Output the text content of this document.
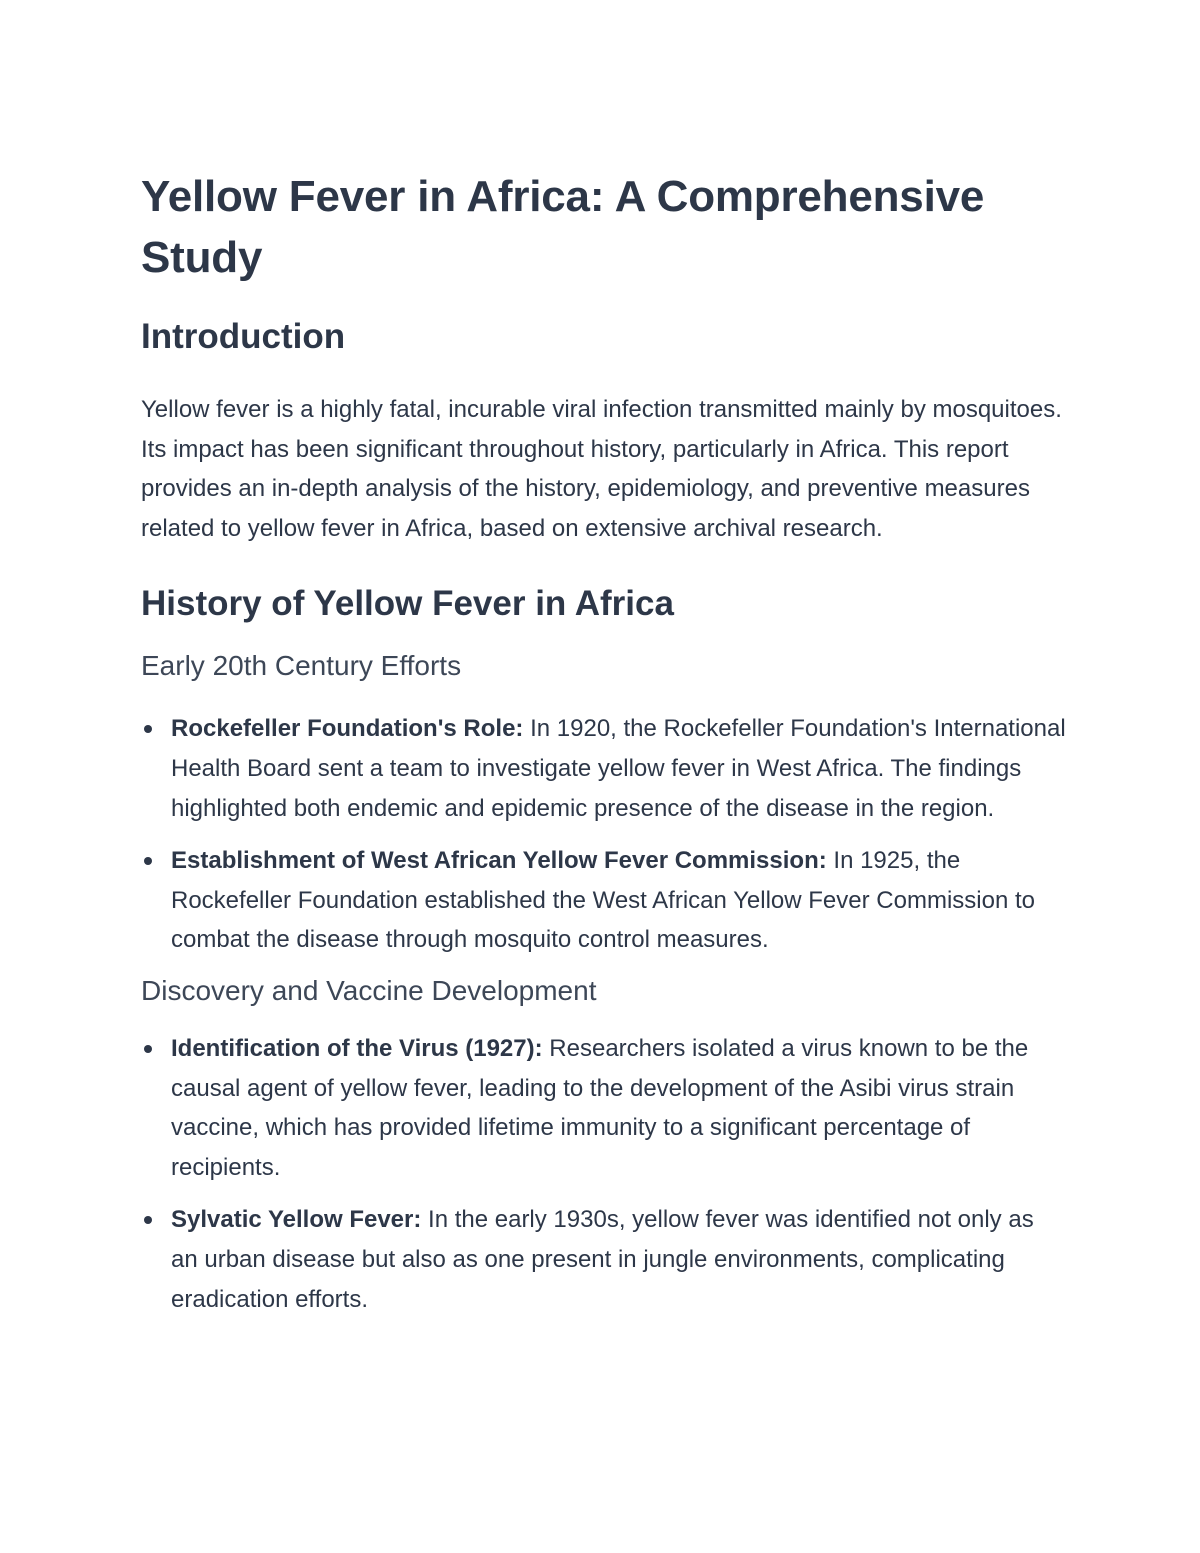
Yellow Fever in Africa: A Comprehensive Study
Introduction

Yellow fever is a highly fatal, incurable viral infection transmitted mainly by mosquitoes. Its impact has been significant throughout history, particularly in Africa. This report provides an in-depth analysis of the history, epidemiology, and preventive measures related to yellow fever in Africa, based on extensive archival research.

History of Yellow Fever in Africa
Early 20th Century Efforts
Rockefeller Foundation's Role: In 1920, the Rockefeller Foundation's International Health Board sent a team to investigate yellow fever in West Africa. The findings highlighted both endemic and epidemic presence of the disease in the region.
Establishment of West African Yellow Fever Commission: In 1925, the Rockefeller Foundation established the West African Yellow Fever Commission to combat the disease through mosquito control measures.
Discovery and Vaccine Development
Identification of the Virus (1927): Researchers isolated a virus known to be the causal agent of yellow fever, leading to the development of the Asibi virus strain vaccine, which has provided lifetime immunity to a significant percentage of recipients.
Sylvatic Yellow Fever: In the early 1930s, yellow fever was identified not only as an urban disease but also as one present in jungle environments, complicating eradication efforts.
